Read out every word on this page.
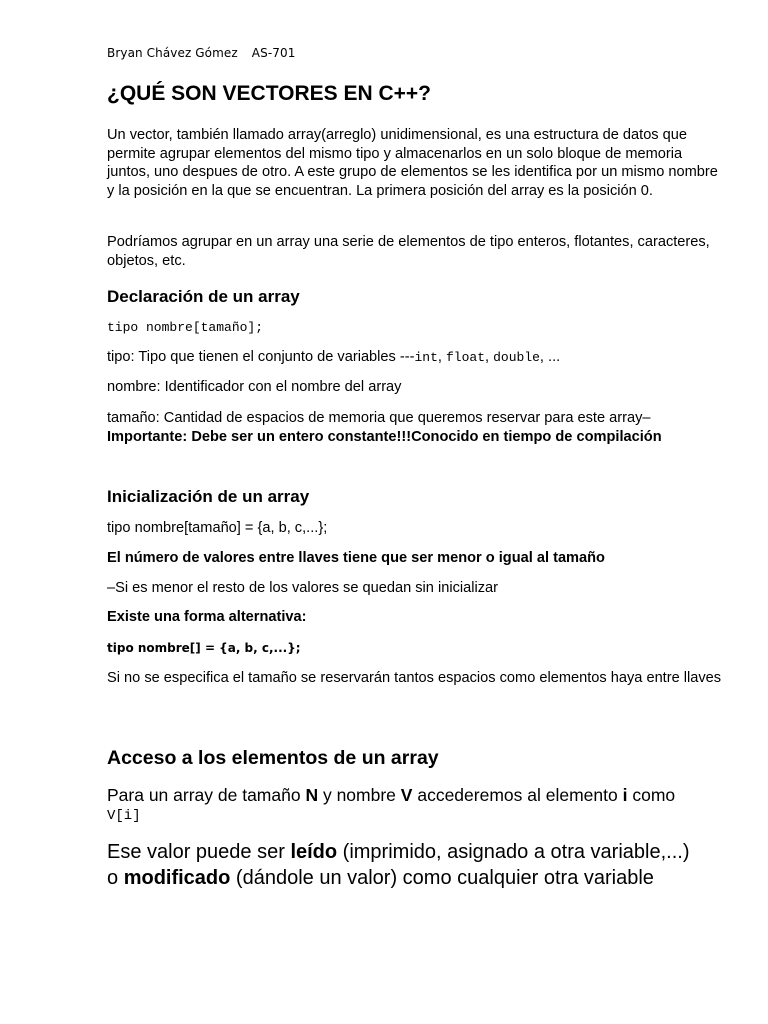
Bryan Chávez Gómez AS-701
¿QUÉ SON VECTORES EN C++?

Un vector, también llamado array(arreglo) unidimensional, es una estructura de datos que permite agrupar elementos del mismo tipo y almacenarlos en un solo bloque de memoria juntos, uno despues de otro. A este grupo de elementos se les identifica por un mismo nombre y la posición en la que se encuentran. La primera posición del array es la posición 0.

Podríamos agrupar en un array una serie de elementos de tipo enteros, flotantes, caracteres, objetos, etc.

Declaración de un array

tipo nombre[tamaño];

tipo: Tipo que tienen el conjunto de variables ---int, float, double, ...

nombre: Identificador con el nombre del array

tamaño: Cantidad de espacios de memoria que queremos reservar para este array–

Importante: Debe ser un entero constante!!!Conocido en tiempo de compilación

Inicialización de un array

tipo nombre[tamaño] = {a, b, c,...};

El número de valores entre llaves tiene que ser menor o igual al tamaño

–Si es menor el resto de los valores se quedan sin inicializar

Existe una forma alternativa:

tipo nombre[] = {a, b, c,...};

Si no se especifica el tamaño se reservarán tantos espacios como elementos haya entre llaves

Acceso a los elementos de un array

Para un array de tamaño N y nombre V accederemos al elemento i como

V[i]

Ese valor puede ser leído (imprimido, asignado a otra variable,...)
o modificado (dándole un valor) como cualquier otra variable
